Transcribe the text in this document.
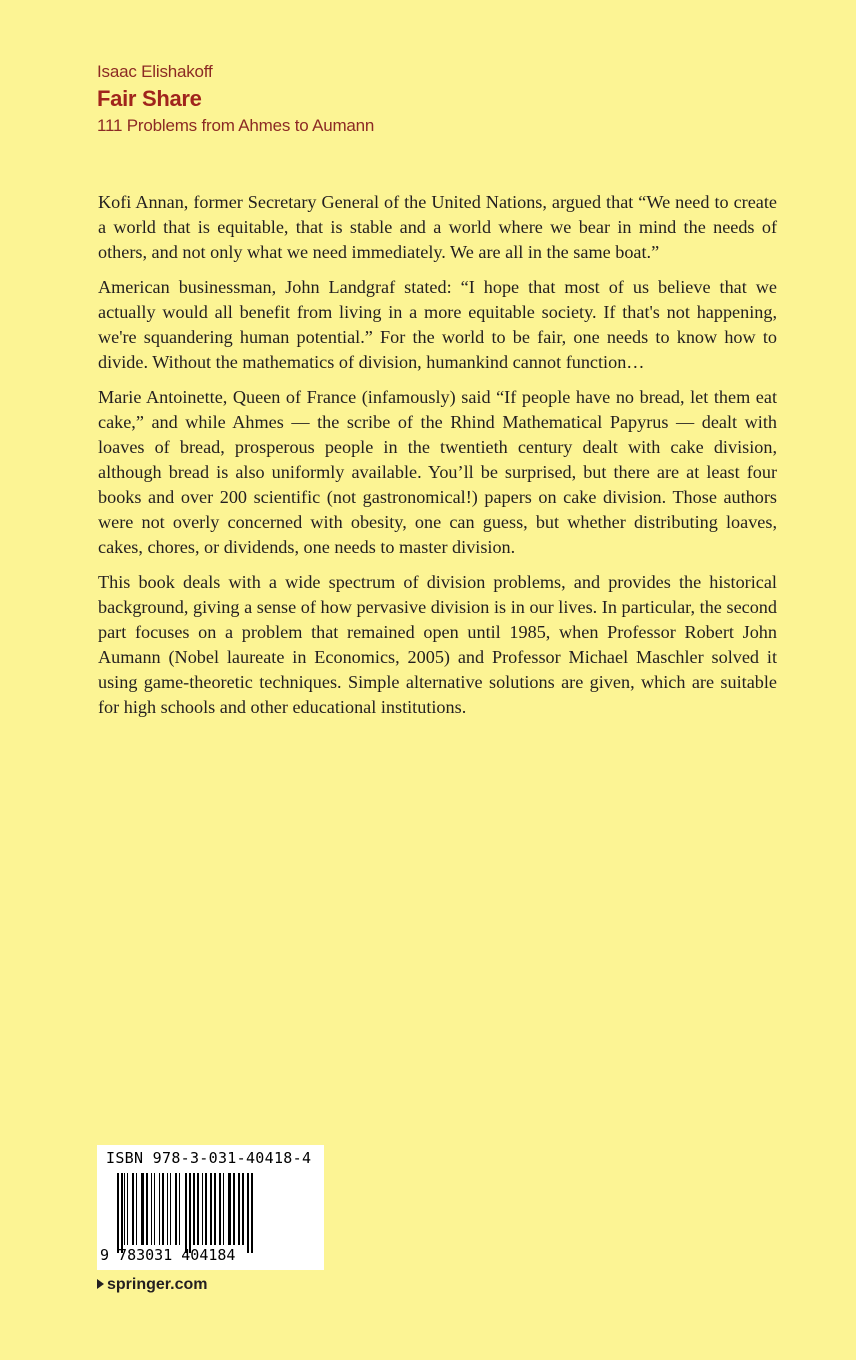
Isaac Elishakoff
Fair Share
111 Problems from Ahmes to Aumann

Kofi Annan, former Secretary General of the United Nations, argued that “We need to create a world that is equitable, that is stable and a world where we bear in mind the needs of others, and not only what we need immediately. We are all in the same boat.”

American businessman, John Landgraf stated: “I hope that most of us believe that we actually would all benefit from living in a more equitable society. If that's not happening, we're squandering human potential.” For the world to be fair, one needs to know how to divide. Without the mathematics of division, humankind cannot function…

Marie Antoinette, Queen of France (infamously) said “If people have no bread, let them eat cake,” and while Ahmes — the scribe of the Rhind Mathematical Papyrus — dealt with loaves of bread, prosperous people in the twentieth century dealt with cake division, although bread is also uniformly available. You’ll be surprised, but there are at least four books and over 200 scientific (not gastronomical!) papers on cake division. Those authors were not overly concerned with obesity, one can guess, but whether distributing loaves, cakes, chores, or dividends, one needs to master division.

This book deals with a wide spectrum of division problems, and provides the historical background, giving a sense of how pervasive division is in our lives. In particular, the second part focuses on a problem that remained open until 1985, when Professor Robert John Aumann (Nobel laureate in Economics, 2005) and Professor Michael Maschler solved it using game-theoretic techniques. Simple alternative solutions are given, which are suitable for high schools and other educational institutions.

ISBN 978-3-031-40418-4
9 783031 404184
springer.com
